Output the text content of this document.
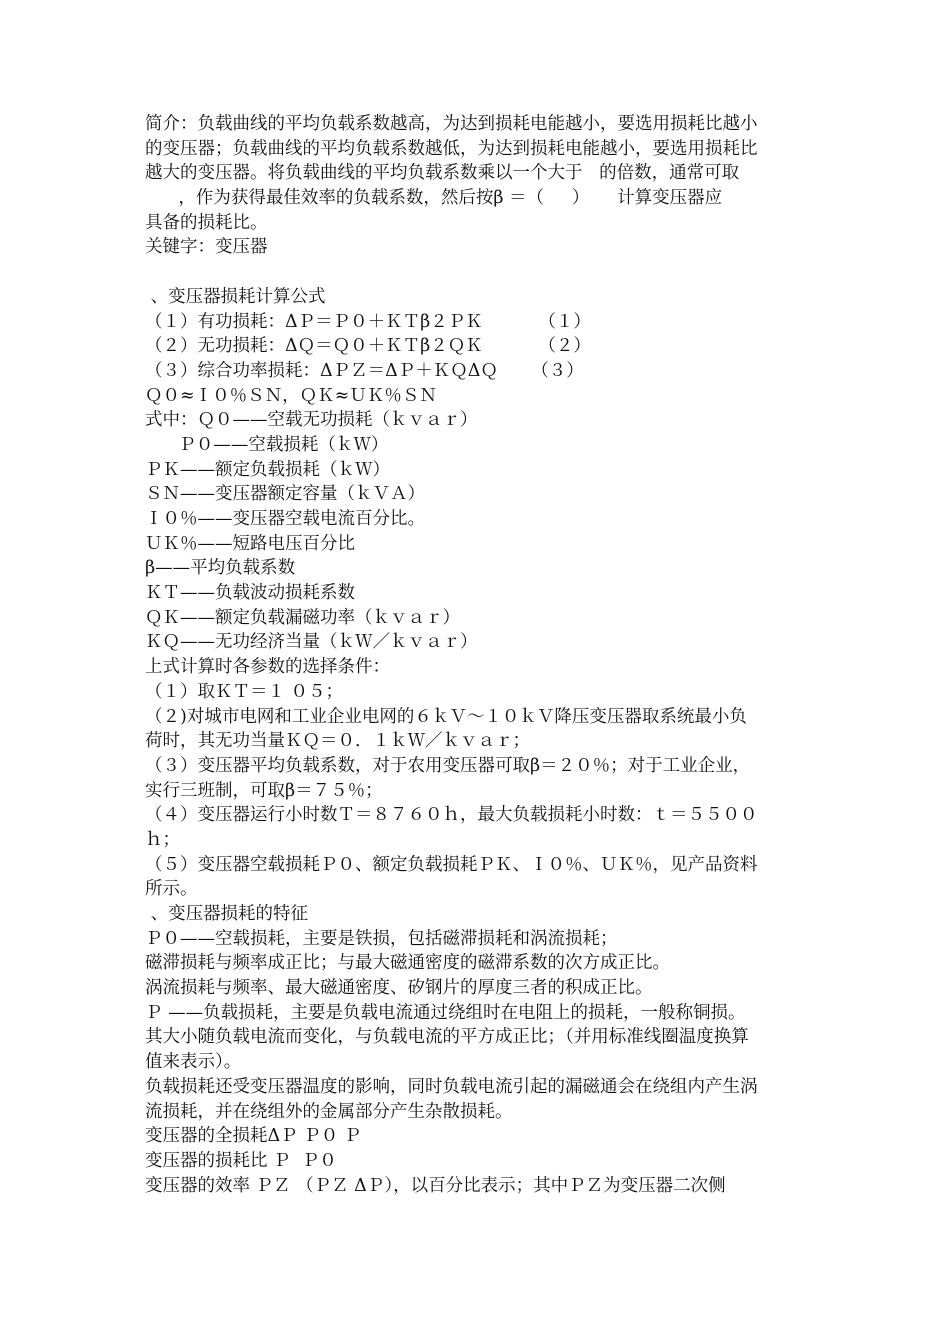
简介：负载曲线的平均负载系数越高，为达到损耗电能越小，要选用损耗比越小
的变压器；负载曲线的平均负载系数越低，为达到损耗电能越小，要选用损耗比
越大的变压器。将负载曲线的平均负载系数乘以一个大于   的倍数，通常可取
，作为获得最佳效率的负载系数，然后按β ＝（     ）     计算变压器应
具备的损耗比。
关键字：变压器
、变压器损耗计算公式
（１）有功损耗：ΔＰ＝Ｐ０＋ＫＴβ２ＰＫ          （１）
（２）无功损耗：ΔＱ＝Ｑ０＋ＫＴβ２ＱＫ          （２）
（３）综合功率损耗：ΔＰＺ＝ΔＰ＋ＫＱΔＱ      （３）
Ｑ０≈Ｉ０％ＳＮ，ＱＫ≈ＵＫ％ＳＮ
式中：Ｑ０——空载无功损耗（ｋｖａｒ）
Ｐ０——空载损耗（ｋＷ）
ＰＫ——额定负载损耗（ｋＷ）
ＳＮ——变压器额定容量（ｋＶＡ）
Ｉ０％——变压器空载电流百分比。
ＵＫ％——短路电压百分比
β——平均负载系数
ＫＴ——负载波动损耗系数
ＱＫ——额定负载漏磁功率（ｋｖａｒ）
ＫＱ——无功经济当量（ｋＷ／ｋｖａｒ）
上式计算时各参数的选择条件：
（１）取ＫＴ＝１ ０５；
（２)对城市电网和工业企业电网的６ｋＶ～１０ｋＶ降压变压器取系统最小负
荷时，其无功当量ＫＱ＝０．１ｋＷ／ｋｖａｒ；
（３）变压器平均负载系数，对于农用变压器可取β＝２０％；对于工业企业，
实行三班制，可取β＝７５％；
（４）变压器运行小时数Ｔ＝８７６０ｈ，最大负载损耗小时数：ｔ＝５５００
ｈ；
（５）变压器空载损耗Ｐ０、额定负载损耗ＰＫ、Ｉ０％、ＵＫ％，见产品资料
所示。
、变压器损耗的特征
Ｐ０——空载损耗，主要是铁损，包括磁滞损耗和涡流损耗；
磁滞损耗与频率成正比；与最大磁通密度的磁滞系数的次方成正比。
涡流损耗与频率、最大磁通密度、矽钢片的厚度三者的积成正比。
Ｐ ——负载损耗，主要是负载电流通过绕组时在电阻上的损耗，一般称铜损。
其大小随负载电流而变化，与负载电流的平方成正比；（并用标准线圈温度换算
值来表示）。
负载损耗还受变压器温度的影响，同时负载电流引起的漏磁通会在绕组内产生涡
流损耗，并在绕组外的金属部分产生杂散损耗。
变压器的全损耗ΔＰ Ｐ０ Ｐ
变压器的损耗比 Ｐ  Ｐ０
变压器的效率 ＰＺ （ＰＺ ΔＰ），以百分比表示；其中ＰＺ为变压器二次侧
